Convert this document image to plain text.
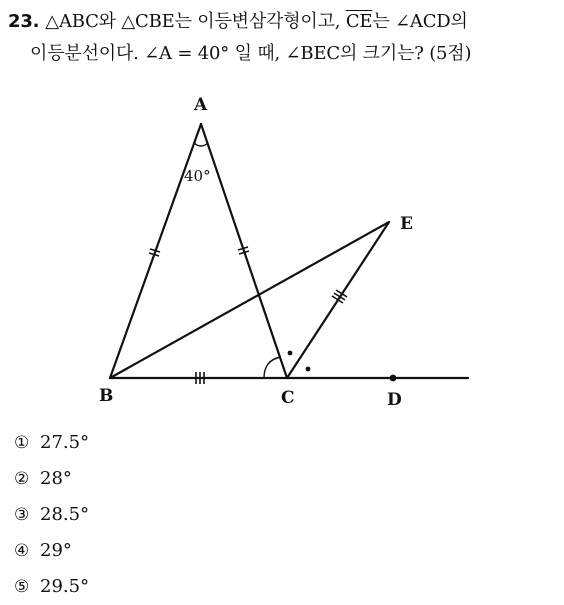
23. △ABC와 △CBE는 이등변삼각형이고, $\overline{CE}$는 ∠ACD의
이등분선이다. ∠A = 40° 일 때, ∠BEC의 크기는? (5점)
A
B	C	D
E
40°
① 27.5°
② 28°
③ 28.5°
④ 29°
⑤ 29.5°
